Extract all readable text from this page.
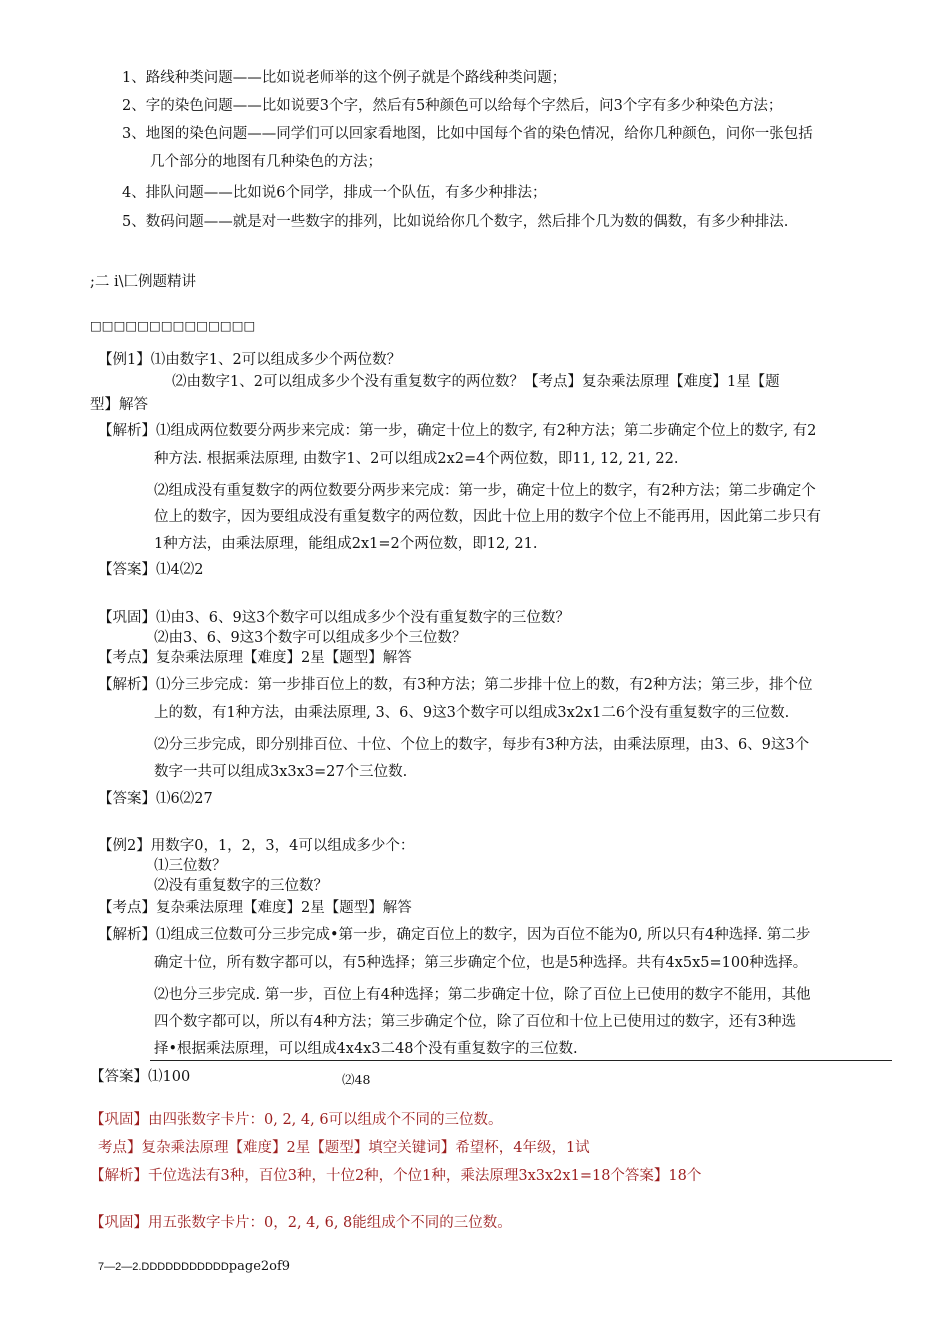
1、路线种类问题——比如说老师举的这个例子就是个路线种类问题；
2、字的染色问题——比如说要3个字，然后有5种颜色可以给每个字然后，问3个字有多少种染色方法；
3、地图的染色问题——同学们可以回家看地图，比如中国每个省的染色情况，给你几种颜色，问你一张包括
几个部分的地图有几种染色的方法；
4、排队问题——比如说6个同学，排成一个队伍，有多少种排法；
5、数码问题——就是对一些数字的排列，比如说给你几个数字，然后排个几为数的偶数，有多少种排法.
;二 i\匚例题精讲
□□□□□□□□□□□□□□
【例1】⑴由数字1、2可以组成多少个两位数？
⑵由数字1、2可以组成多少个没有重复数字的两位数？【考点】复杂乘法原理【难度】1星【题
型】解答
【解析】⑴组成两位数要分两步来完成：第一步，确定十位上的数字, 有2种方法；第二步确定个位上的数字, 有2
种方法. 根据乘法原理, 由数字1、2可以组成2x2=4个两位数，即11, 12, 21, 22.
⑵组成没有重复数字的两位数要分两步来完成：第一步，确定十位上的数字，有2种方法；第二步确定个
位上的数字，因为要组成没有重复数字的两位数，因此十位上用的数字个位上不能再用，因此第二步只有
1种方法，由乘法原理，能组成2x1=2个两位数，即12, 21.
【答案】⑴4⑵2
【巩固】⑴由3、6、9这3个数字可以组成多少个没有重复数字的三位数？
⑵由3、6、9这3个数字可以组成多少个三位数？
【考点】复杂乘法原理【难度】2星【题型】解答
【解析】⑴分三步完成：第一步排百位上的数，有3种方法；第二步排十位上的数，有2种方法；第三步，排个位
上的数，有1种方法，由乘法原理, 3、6、9这3个数字可以组成3x2x1二6个没有重复数字的三位数.
⑵分三步完成，即分别排百位、十位、个位上的数字，每步有3种方法，由乘法原理，由3、6、9这3个
数字一共可以组成3x3x3=27个三位数.
【答案】⑴6⑵27
【例2】用数字0，1，2，3，4可以组成多少个：
⑴三位数？
⑵没有重复数字的三位数？
【考点】复杂乘法原理【难度】2星【题型】解答
【解析】⑴组成三位数可分三步完成•第一步，确定百位上的数字，因为百位不能为0, 所以只有4种选择. 第二步
确定十位，所有数字都可以，有5种选择；第三步确定个位，也是5种选择。共有4x5x5=100种选择。
⑵也分三步完成. 第一步，百位上有4种选择；第二步确定十位，除了百位上已使用的数字不能用，其他
四个数字都可以，所以有4种方法；第三步确定个位，除了百位和十位上已使用过的数字，还有3种选
择•根据乘法原理，可以组成4x4x3二48个没有重复数字的三位数.
【答案】⑴100	⑵48
【巩固】由四张数字卡片：0, 2, 4, 6可以组成个不同的三位数。
考点】复杂乘法原理【难度】2星【题型】填空关键词】希望杯，4年级，1试
【解析】千位选法有3种，百位3种，十位2种，个位1种，乘法原理3x3x2x1=18个答案】18个
【巩固】用五张数字卡片：0，2, 4, 6, 8能组成个不同的三位数。
7—2—2.DDDDDDDDDDDpage2of9
